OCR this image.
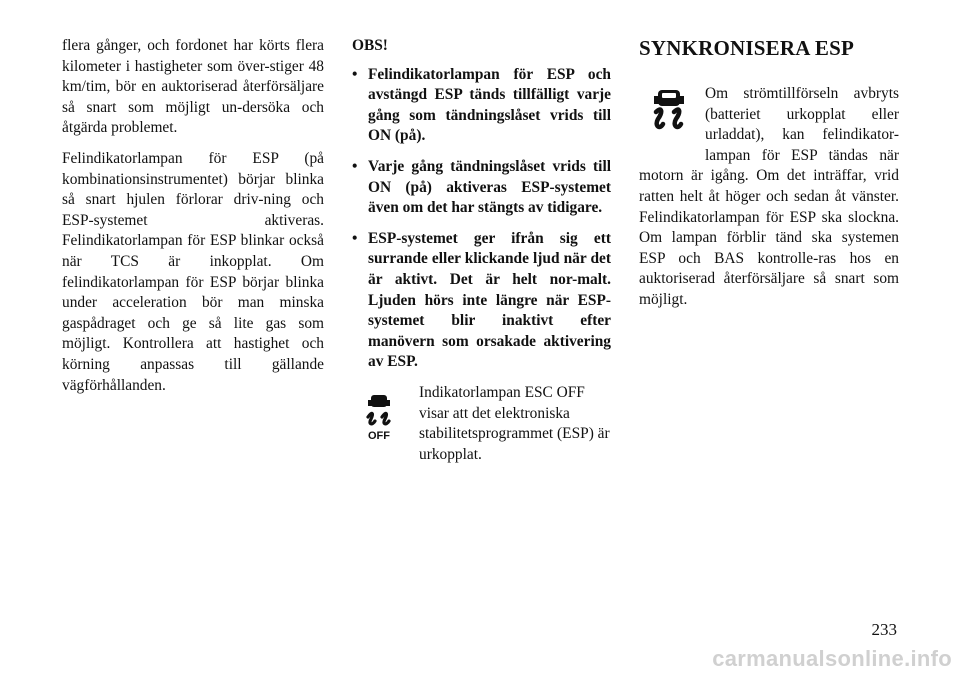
flera gånger, och fordonet har körts flera kilometer i hastigheter som över-stiger 48 km/tim, bör en auktoriserad återförsäljare så snart som möjligt un-dersöka och åtgärda problemet.

Felindikatorlampan för ESP (på kombinationsinstrumentet) börjar blinka så snart hjulen förlorar driv-ning och ESP-systemet aktiveras. Felindikatorlampan för ESP blinkar också när TCS är inkopplat. Om felindikatorlampan för ESP börjar blinka under acceleration bör man minska gaspådraget och ge så lite gas som möjligt. Kontrollera att hastighet och körning anpassas till gällande vägförhållanden.

OBS!
• Felindikatorlampan för ESP och avstängd ESP tänds tillfälligt varje gång som tändningslåset vrids till ON (på).
• Varje gång tändningslåset vrids till ON (på) aktiveras ESP-systemet även om det har stängts av tidigare.
• ESP-systemet ger ifrån sig ett surrande eller klickande ljud när det är aktivt. Det är helt nor-malt. Ljuden hörs inte längre när ESP-systemet blir inaktivt efter manövern som orsakade aktivering av ESP.
OFF
Indikatorlampan ESC OFF visar att det elektroniska stabilitetsprogrammet (ESP) är urkopplat.
SYNKRONISERA ESP
Om strömtillförseln avbryts (batteriet urkopplat eller urladdat), kan felindikator-lampan för ESP tändas när motorn är igång. Om det inträffar, vrid ratten helt åt höger och sedan åt vänster. Felindikatorlampan för ESP ska slockna. Om lampan förblir tänd ska systemen ESP och BAS kontrolle-ras hos en auktoriserad återförsäljare så snart som möjligt.
233
carmanualsonline.info
